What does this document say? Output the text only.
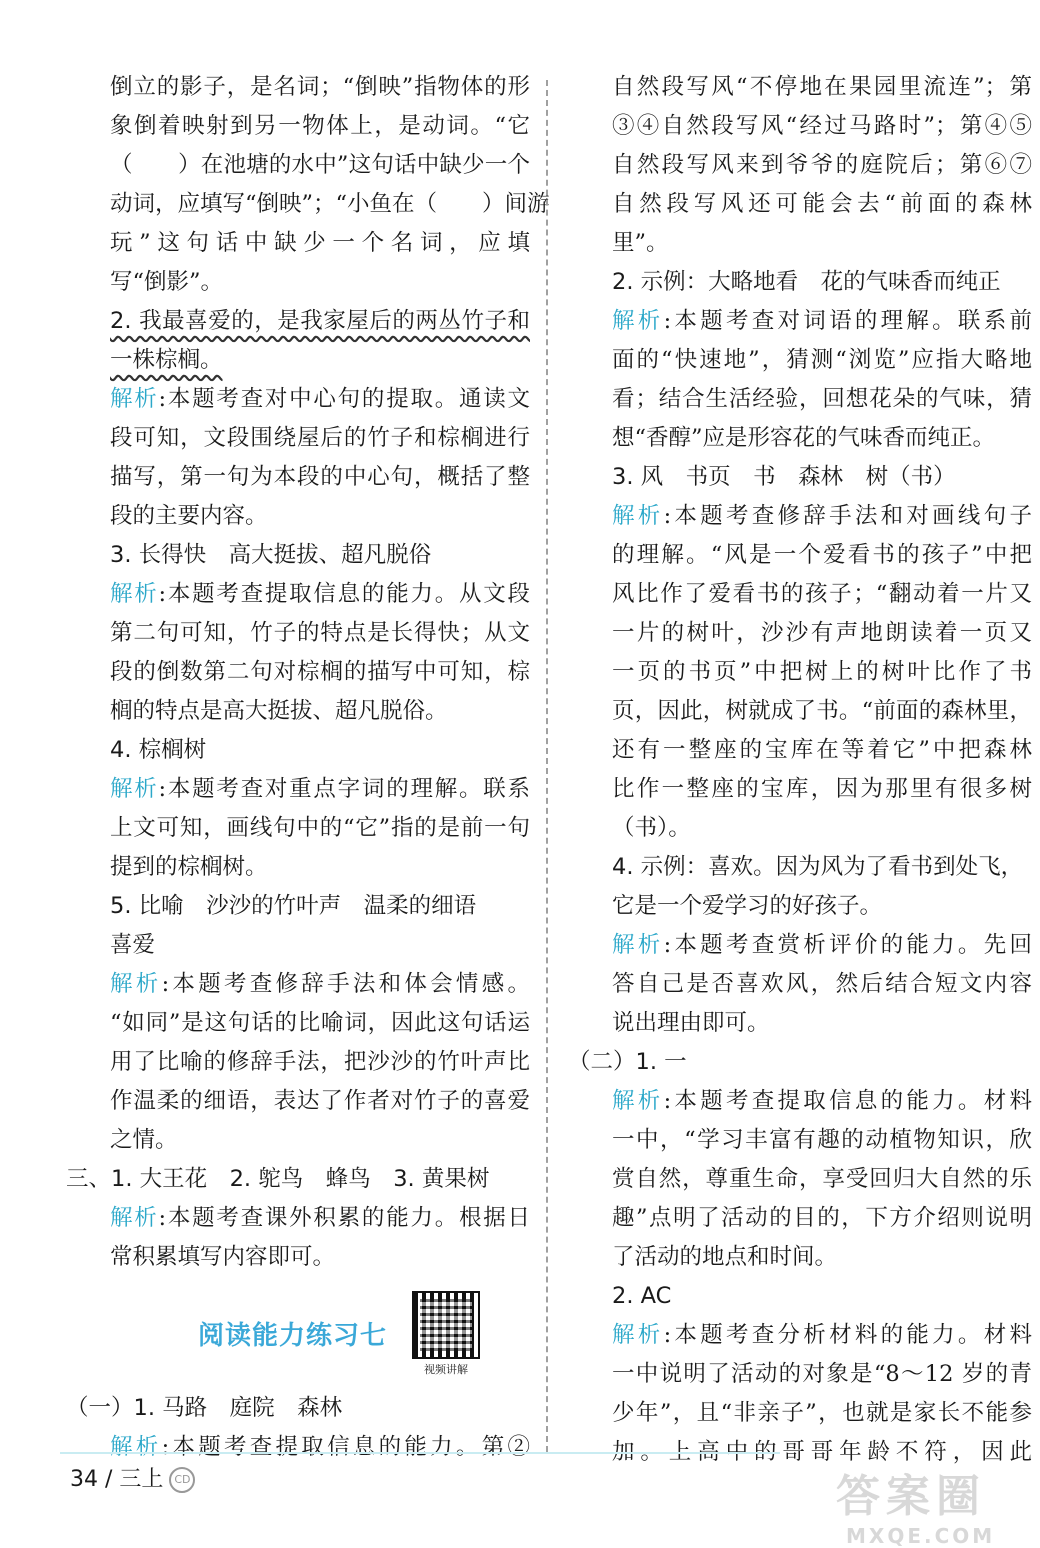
倒立的影子，是名词；“倒映”指物体的形
象倒着映射到另一物体上，是动词。“它
（　　）在池塘的水中”这句话中缺少一个
动词，应填写“倒映”；“小鱼在（　　）间游
玩”这句话中缺少一个名词，应填
写“倒影”。
2. 我最喜爱的，是我家屋后的两丛竹子和
一株棕榈。
解析:本题考查对中心句的提取。通读文
段可知，文段围绕屋后的竹子和棕榈进行
描写，第一句为本段的中心句，概括了整
段的主要内容。
3. 长得快　高大挺拔、超凡脱俗
解析:本题考查提取信息的能力。从文段
第二句可知，竹子的特点是长得快；从文
段的倒数第二句对棕榈的描写中可知，棕
榈的特点是高大挺拔、超凡脱俗。
4. 棕榈树
解析:本题考查对重点字词的理解。联系
上文可知，画线句中的“它”指的是前一句
提到的棕榈树。
5. 比喻　沙沙的竹叶声　温柔的细语
喜爱
解析:本题考查修辞手法和体会情感。
“如同”是这句话的比喻词，因此这句话运
用了比喻的修辞手法，把沙沙的竹叶声比
作温柔的细语，表达了作者对竹子的喜爱
之情。
三、1. 大王花　2. 鸵鸟　蜂鸟　3. 黄果树
解析:本题考查课外积累的能力。根据日
常积累填写内容即可。
阅读能力练习七
视频讲解
（一）1. 马路　庭院　森林
解析:本题考查提取信息的能力。第②
自然段写风“不停地在果园里流连”；第
③④自然段写风“经过马路时”；第④⑤
自然段写风来到爷爷的庭院后；第⑥⑦
自然段写风还可能会去“前面的森林
里”。
2. 示例：大略地看　花的气味香而纯正
解析:本题考查对词语的理解。联系前
面的“快速地”，猜测“浏览”应指大略地
看；结合生活经验，回想花朵的气味，猜
想“香醇”应是形容花的气味香而纯正。
3. 风　书页　书　森林　树（书）
解析:本题考查修辞手法和对画线句子
的理解。“风是一个爱看书的孩子”中把
风比作了爱看书的孩子；“翻动着一片又
一片的树叶，沙沙有声地朗读着一页又
一页的书页”中把树上的树叶比作了书
页，因此，树就成了书。“前面的森林里，
还有一整座的宝库在等着它”中把森林
比作一整座的宝库，因为那里有很多树
（书）。
4. 示例：喜欢。因为风为了看书到处飞，
它是一个爱学习的好孩子。
解析:本题考查赏析评价的能力。先回
答自己是否喜欢风，然后结合短文内容
说出理由即可。
（二）1. 一
解析:本题考查提取信息的能力。材料
一中，“学习丰富有趣的动植物知识，欣
赏自然，尊重生命，享受回归大自然的乐
趣”点明了活动的目的，下方介绍则说明
了活动的地点和时间。
2. AC
解析:本题考查分析材料的能力。材料
一中说明了活动的对象是“8～12 岁的青
少年”，且“非亲子”，也就是家长不能参
加。上高中的哥哥年龄不符，因此
34 / 三上 CD	答案圈
MXQE.COM
